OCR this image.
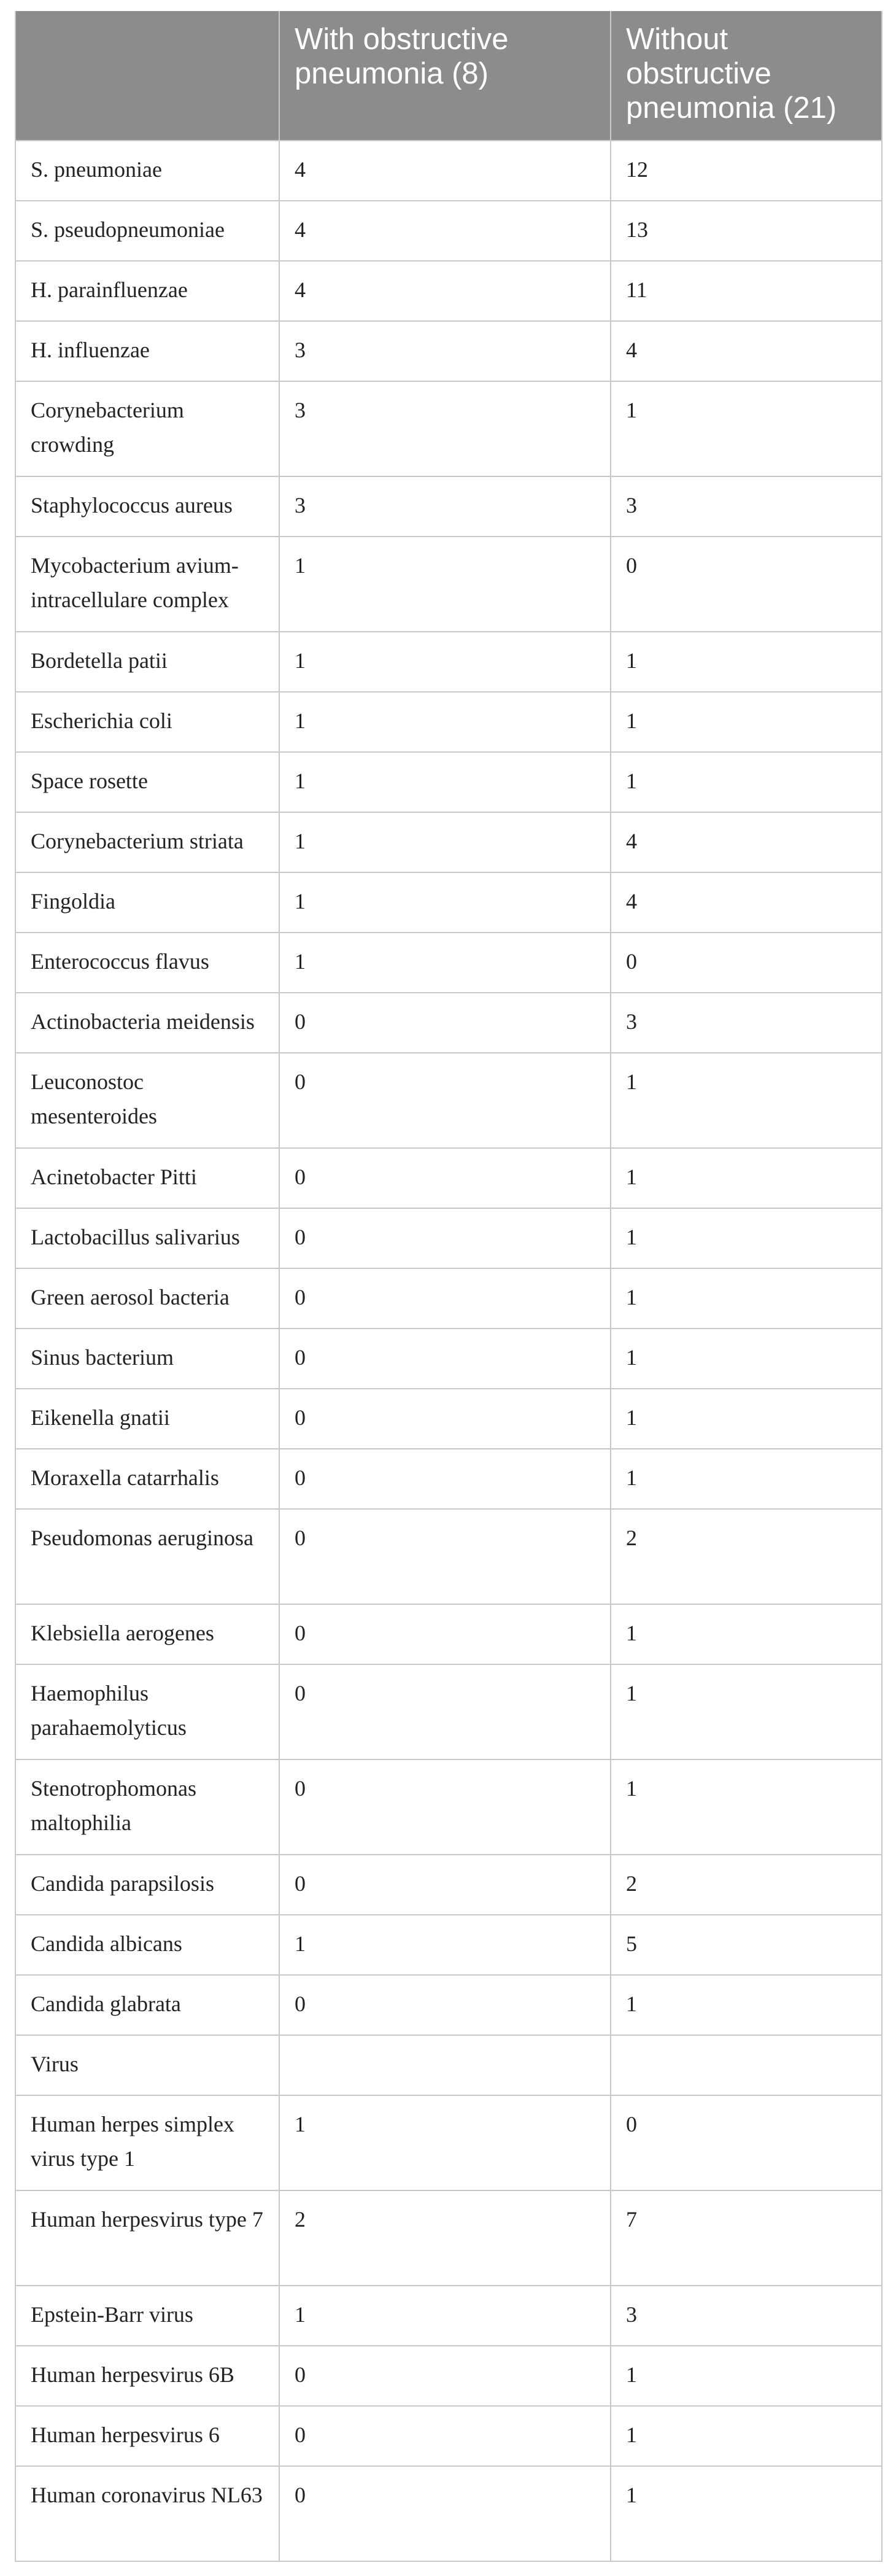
	With obstructive pneumonia (8)	Without obstructive pneumonia (21)
S. pneumoniae	4	12
S. pseudopneumoniae	4	13
H. parainfluenzae	4	11
H. influenzae	3	4
Corynebacterium crowding	3	1
Staphylococcus aureus	3	3
Mycobacterium avium-intracellulare complex	1	0
Bordetella patii	1	1
Escherichia coli	1	1
Space rosette	1	1
Corynebacterium striata	1	4
Fingoldia	1	4
Enterococcus flavus	1	0
Actinobacteria meidensis	0	3
Leuconostoc mesenteroides	0	1
Acinetobacter Pitti	0	1
Lactobacillus salivarius	0	1
Green aerosol bacteria	0	1
Sinus bacterium	0	1
Eikenella gnatii	0	1
Moraxella catarrhalis	0	1
Pseudomonas aeruginosa	0	2
Klebsiella aerogenes	0	1
Haemophilus parahaemolyticus	0	1
Stenotrophomonas maltophilia	0	1
Candida parapsilosis	0	2
Candida albicans	1	5
Candida glabrata	0	1
Virus		
Human herpes simplex virus type 1	1	0
Human herpesvirus type 7	2	7
Epstein-Barr virus	1	3
Human herpesvirus 6B	0	1
Human herpesvirus 6	0	1
Human coronavirus NL63	0	1
